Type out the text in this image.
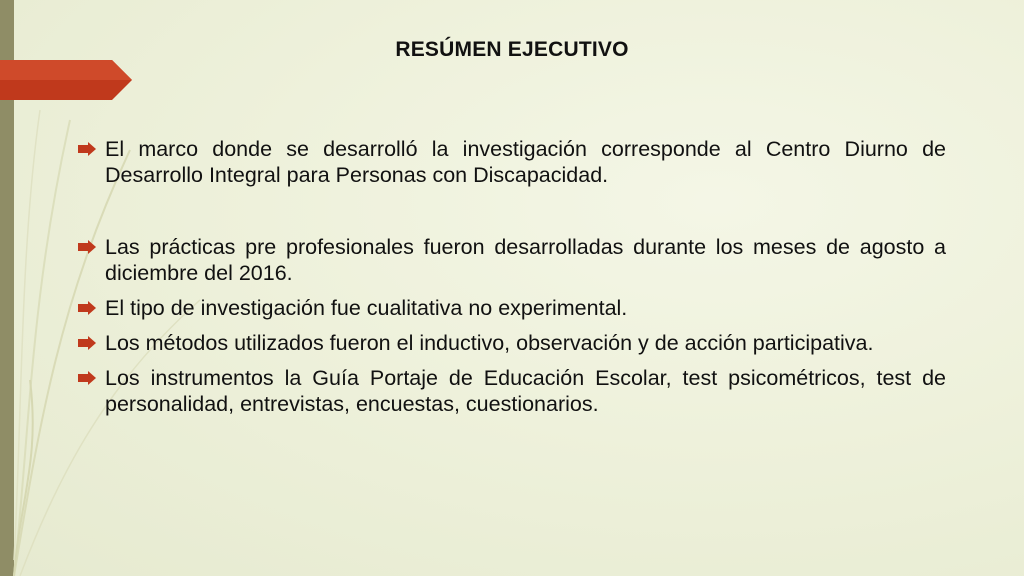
RESÚMEN EJECUTIVO
El marco donde se desarrolló la investigación corresponde al Centro Diurno de Desarrollo Integral para Personas con Discapacidad.
Las prácticas pre profesionales fueron desarrolladas durante los meses de agosto a diciembre del 2016.
El tipo de investigación fue cualitativa no experimental.
Los métodos utilizados fueron el inductivo, observación y de acción participativa.
Los instrumentos la Guía Portaje de Educación Escolar, test psicométricos, test de personalidad, entrevistas, encuestas, cuestionarios.
